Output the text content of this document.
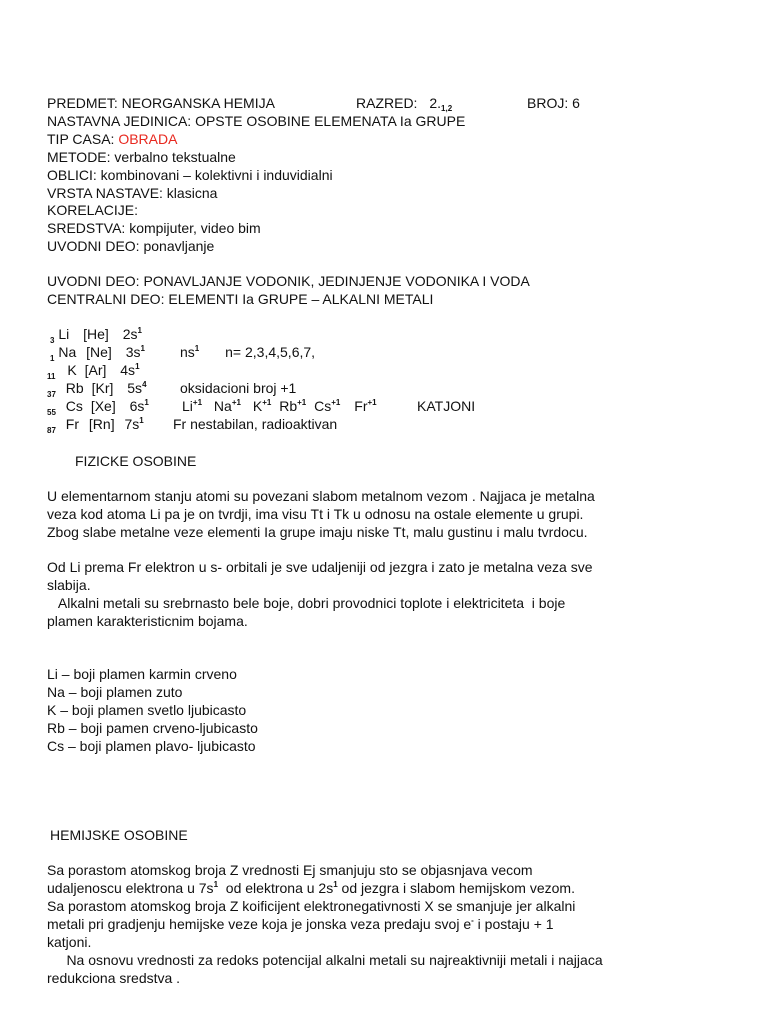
PREDMET: NEORGANSKA HEMIJA	RAZRED: $2._{1,2}$	BROJ: 6
NASTAVNA JEDINICA: OPSTE OSOBINE ELEMENATA Ia GRUPE
TIP CASA: OBRADA
METODE: verbalno tekstualne
OBLICI: kombinovani – kolektivni i induvidialni
VRSTA NASTAVE: klasicna
KORELACIJE:
SREDSTVA: kompijuter, video bim
UVODNI DEO: ponavljanje
UVODNI DEO: PONAVLJANJE VODONIK, JEDINJENJE VODONIKA I VODA
CENTRALNI DEO: ELEMENTI Ia GRUPE – ALKALNI METALI
3 Li [He] $2s^1$
1 Na [Ne] $3s^1$	$ns^1$ n= 2,3,4,5,6,7,
11 K [Ar] $4s^1$
37 Rb [Kr] $5s^4$ oksidacioni broj +1
55 Cs [Xe] $6s^1$ $Li^{+1}$ $Na^{+1}$ $K^{+1}$ $Rb^{+1}$ $Cs^{+1}$ $Fr^{+1}$	KATJONI
87 Fr [Rn] $7s^1$ Fr nestabilan, radioaktivan
FIZICKE OSOBINE
U elementarnom stanju atomi su povezani slabom metalnom vezom . Najjaca je metalna
veza kod atoma Li pa je on tvrdji, ima visu Tt i Tk u odnosu na ostale elemente u grupi.
Zbog slabe metalne veze elementi Ia grupe imaju niske Tt, malu gustinu i malu tvrdocu.
Od Li prema Fr elektron u s- orbitali je sve udaljeniji od jezgra i zato je metalna veza sve
slabija.
Alkalni metali su srebrnasto bele boje, dobri provodnici toplote i elektriciteta  i boje
plamen karakteristicnim bojama.
Li – boji plamen karmin crveno
Na – boji plamen zuto
K – boji plamen svetlo ljubicasto
Rb – boji pamen crveno-ljubicasto
Cs – boji plamen plavo- ljubicasto
HEMIJSKE OSOBINE
Sa porastom atomskog broja Z vrednosti Ej smanjuju sto se objasnjava vecom
udaljenoscu elektrona u $7s^1$  od elektrona u $2s^1$ od jezgra i slabom hemijskom vezom.
Sa porastom atomskog broja Z koificijent elektronegativnosti X se smanjuje jer alkalni
metali pri gradjenju hemijske veze koja je jonska veza predaju svoj e- i postaju + 1
katjoni.
Na osnovu vrednosti za redoks potencijal alkalni metali su najreaktivniji metali i najjaca
redukciona sredstva .
